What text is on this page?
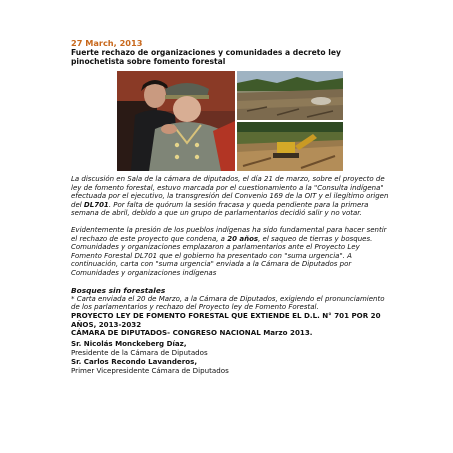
27 March, 2013

Fuerte rechazo de organizaciones y comunidades a decreto ley pinochetista sobre fomento forestal

La discusión en Sala de la cámara de diputados, el día 21 de marzo, sobre el proyecto de ley de fomento forestal, estuvo marcada por el cuestionamiento a la "Consulta indígena" efectuada por el ejecutivo, la transgresión del Convenio 169 de la OIT y el ilegítimo origen del DL701. Por falta de quórum la sesión fracasa y queda pendiente para la primera semana de abril, debido a que un grupo de parlamentarios decidió salir y no votar.

Evidentemente la presión de los pueblos indígenas ha sido fundamental para hacer sentir el rechazo de este proyecto que condena, a 20 años, el saqueo de tierras y bosques. Comunidades y organizaciones emplazaron a parlamentarios ante el Proyecto Ley Fomento Forestal DL701 que el gobierno ha presentado con "suma urgencia". A continuación, carta con "suma urgencia" enviada a la Cámara de Diputados por Comunidades y organizaciones indígenas

Bosques sin forestales

* Carta enviada el 20 de Marzo, a la Cámara de Diputados, exigiendo el pronunciamiento de los parlamentarios y rechazo del Proyecto ley de Fomento Forestal.

PROYECTO LEY DE FOMENTO FORESTAL QUE EXTIENDE EL D.L. N° 701 POR 20 AÑOS, 2013-2032

CÁMARA DE DIPUTADOS- CONGRESO NACIONAL Marzo 2013.

Sr. Nicolás Monckeberg Díaz,

Presidente de la Cámara de Diputados

Sr. Carlos Recondo Lavanderos,

Primer Vicepresidente Cámara de Diputados
